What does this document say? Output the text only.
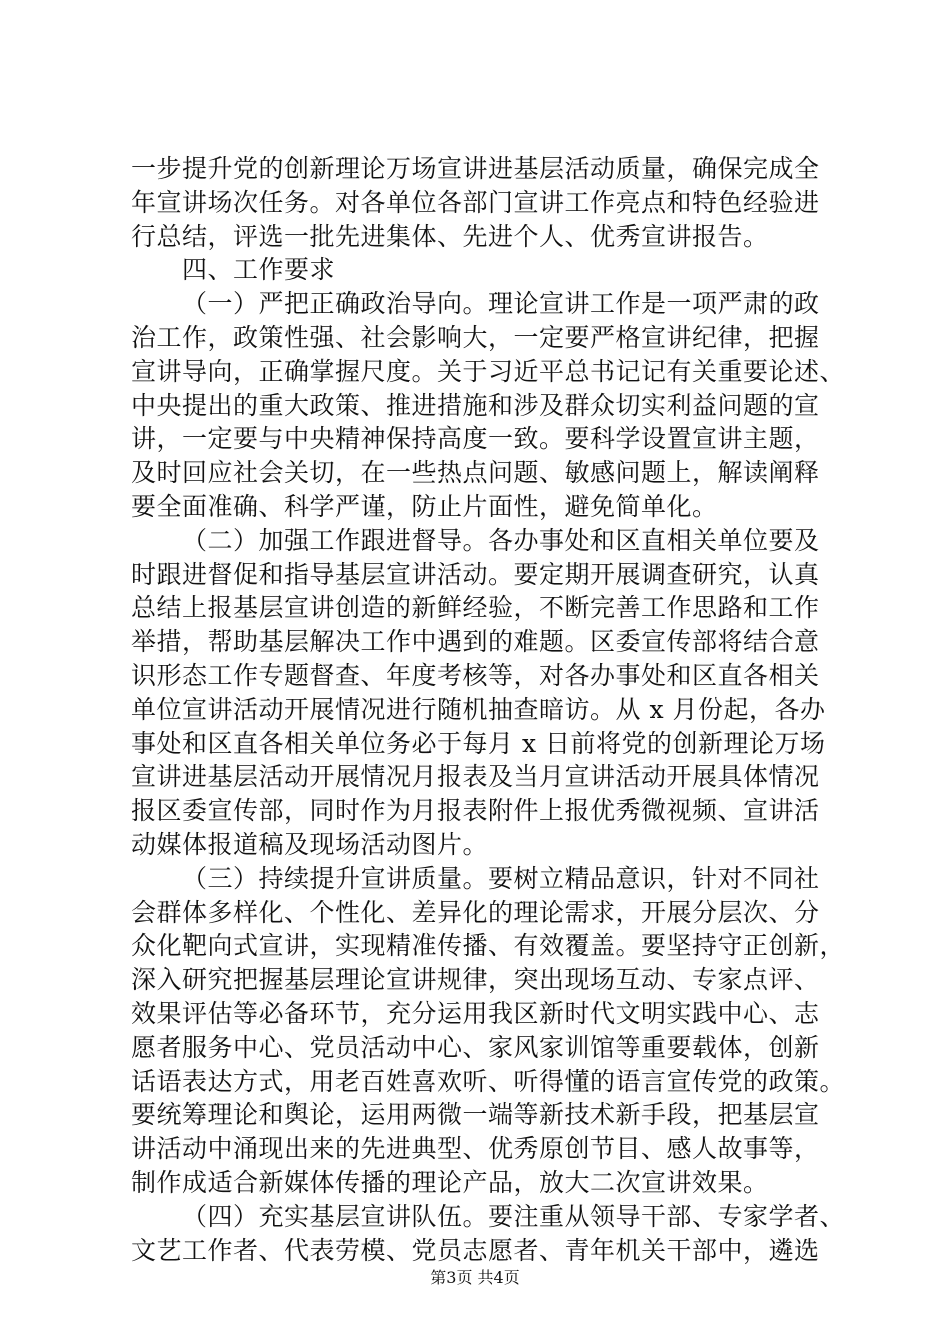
一步提升党的创新理论万场宣讲进基层活动质量，确保完成全
年宣讲场次任务。对各单位各部门宣讲工作亮点和特色经验进
行总结，评选一批先进集体、先进个人、优秀宣讲报告。
四、工作要求
（一）严把正确政治导向。理论宣讲工作是一项严肃的政
治工作，政策性强、社会影响大，一定要严格宣讲纪律，把握
宣讲导向，正确掌握尺度。关于习近平总书记记有关重要论述、
中央提出的重大政策、推进措施和涉及群众切实利益问题的宣
讲，一定要与中央精神保持高度一致。要科学设置宣讲主题，
及时回应社会关切，在一些热点问题、敏感问题上，解读阐释
要全面准确、科学严谨，防止片面性，避免简单化。
（二）加强工作跟进督导。各办事处和区直相关单位要及
时跟进督促和指导基层宣讲活动。要定期开展调查研究，认真
总结上报基层宣讲创造的新鲜经验，不断完善工作思路和工作
举措，帮助基层解决工作中遇到的难题。区委宣传部将结合意
识形态工作专题督查、年度考核等，对各办事处和区直各相关
单位宣讲活动开展情况进行随机抽查暗访。从 x 月份起，各办
事处和区直各相关单位务必于每月 x 日前将党的创新理论万场
宣讲进基层活动开展情况月报表及当月宣讲活动开展具体情况
报区委宣传部，同时作为月报表附件上报优秀微视频、宣讲活
动媒体报道稿及现场活动图片。
（三）持续提升宣讲质量。要树立精品意识，针对不同社
会群体多样化、个性化、差异化的理论需求，开展分层次、分
众化靶向式宣讲，实现精准传播、有效覆盖。要坚持守正创新，
深入研究把握基层理论宣讲规律，突出现场互动、专家点评、
效果评估等必备环节，充分运用我区新时代文明实践中心、志
愿者服务中心、党员活动中心、家风家训馆等重要载体，创新
话语表达方式，用老百姓喜欢听、听得懂的语言宣传党的政策。
要统筹理论和舆论，运用两微一端等新技术新手段，把基层宣
讲活动中涌现出来的先进典型、优秀原创节目、感人故事等，
制作成适合新媒体传播的理论产品，放大二次宣讲效果。
（四）充实基层宣讲队伍。要注重从领导干部、专家学者、
文艺工作者、代表劳模、党员志愿者、青年机关干部中，遴选
第3页 共4页
